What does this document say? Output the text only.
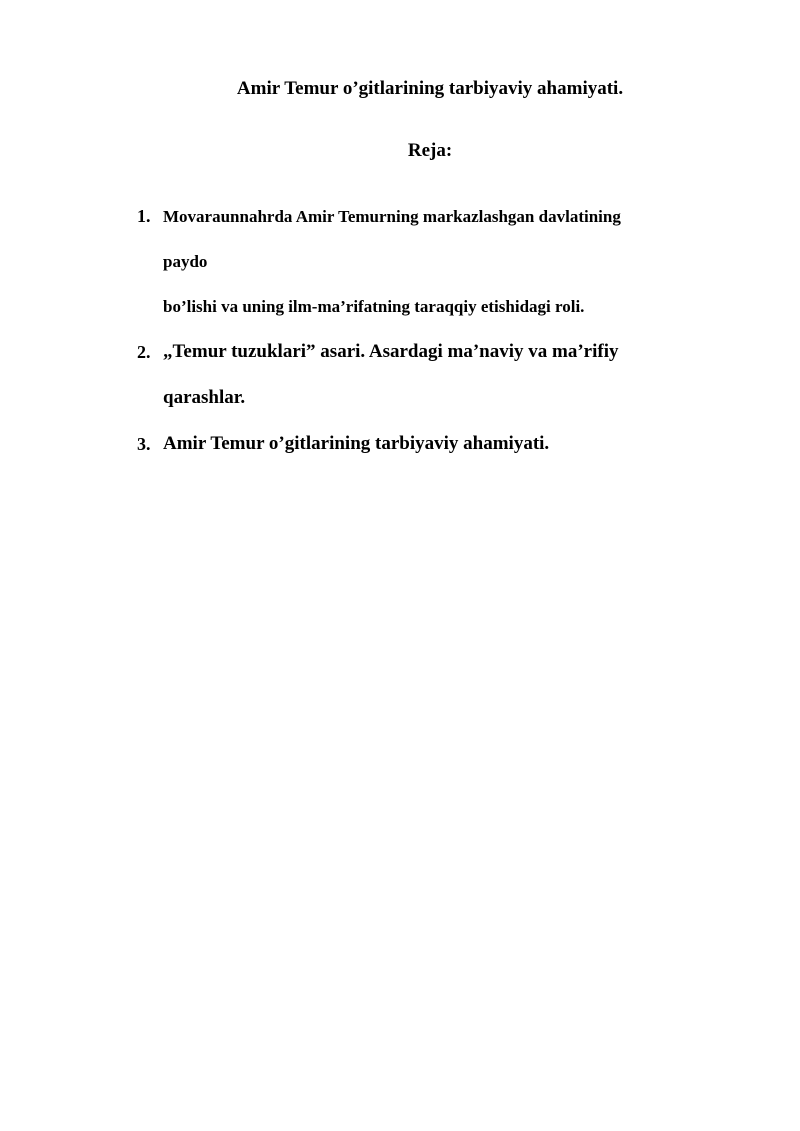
Amir Temur o’gitlarining tarbiyaviy ahamiyati.
Reja:
1. Movaraunnahrda Amir Temurning markazlashgan davlatining
paydo
bo’lishi va uning ilm-ma’rifatning taraqqiy etishidagi roli.
2. „Temur tuzuklari” asari. Asardagi ma’naviy va ma’rifiy
qarashlar.
3. Amir Temur o’gitlarining tarbiyaviy ahamiyati.
